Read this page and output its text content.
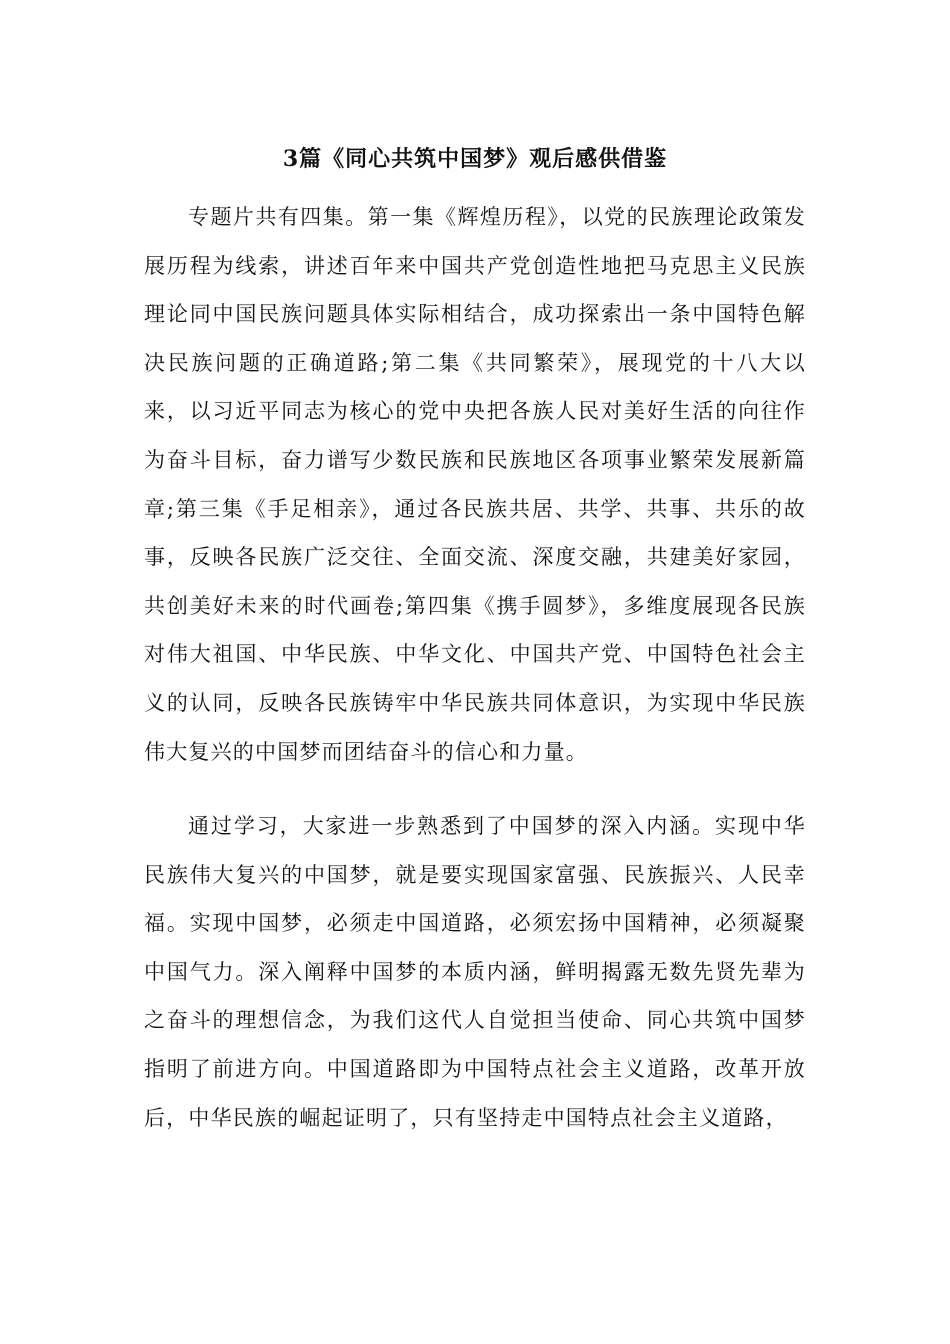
3篇《同心共筑中国梦》观后感供借鉴

专题片共有四集。第一集《辉煌历程》，以党的民族理论政策发展历程为线索，讲述百年来中国共产党创造性地把马克思主义民族理论同中国民族问题具体实际相结合，成功探索出一条中国特色解决民族问题的正确道路;第二集《共同繁荣》，展现党的十八大以来，以习近平同志为核心的党中央把各族人民对美好生活的向往作为奋斗目标，奋力谱写少数民族和民族地区各项事业繁荣发展新篇章;第三集《手足相亲》，通过各民族共居、共学、共事、共乐的故事，反映各民族广泛交往、全面交流、深度交融，共建美好家园，共创美好未来的时代画卷;第四集《携手圆梦》，多维度展现各民族对伟大祖国、中华民族、中华文化、中国共产党、中国特色社会主义的认同，反映各民族铸牢中华民族共同体意识，为实现中华民族伟大复兴的中国梦而团结奋斗的信心和力量。

通过学习，大家进一步熟悉到了中国梦的深入内涵。实现中华民族伟大复兴的中国梦，就是要实现国家富强、民族振兴、人民幸福。实现中国梦，必须走中国道路，必须宏扬中国精神，必须凝聚中国气力。深入阐释中国梦的本质内涵，鲜明揭露无数先贤先辈为之奋斗的理想信念，为我们这代人自觉担当使命、同心共筑中国梦指明了前进方向。中国道路即为中国特点社会主义道路，改革开放后，中华民族的崛起证明了，只有坚持走中国特点社会主义道路，
